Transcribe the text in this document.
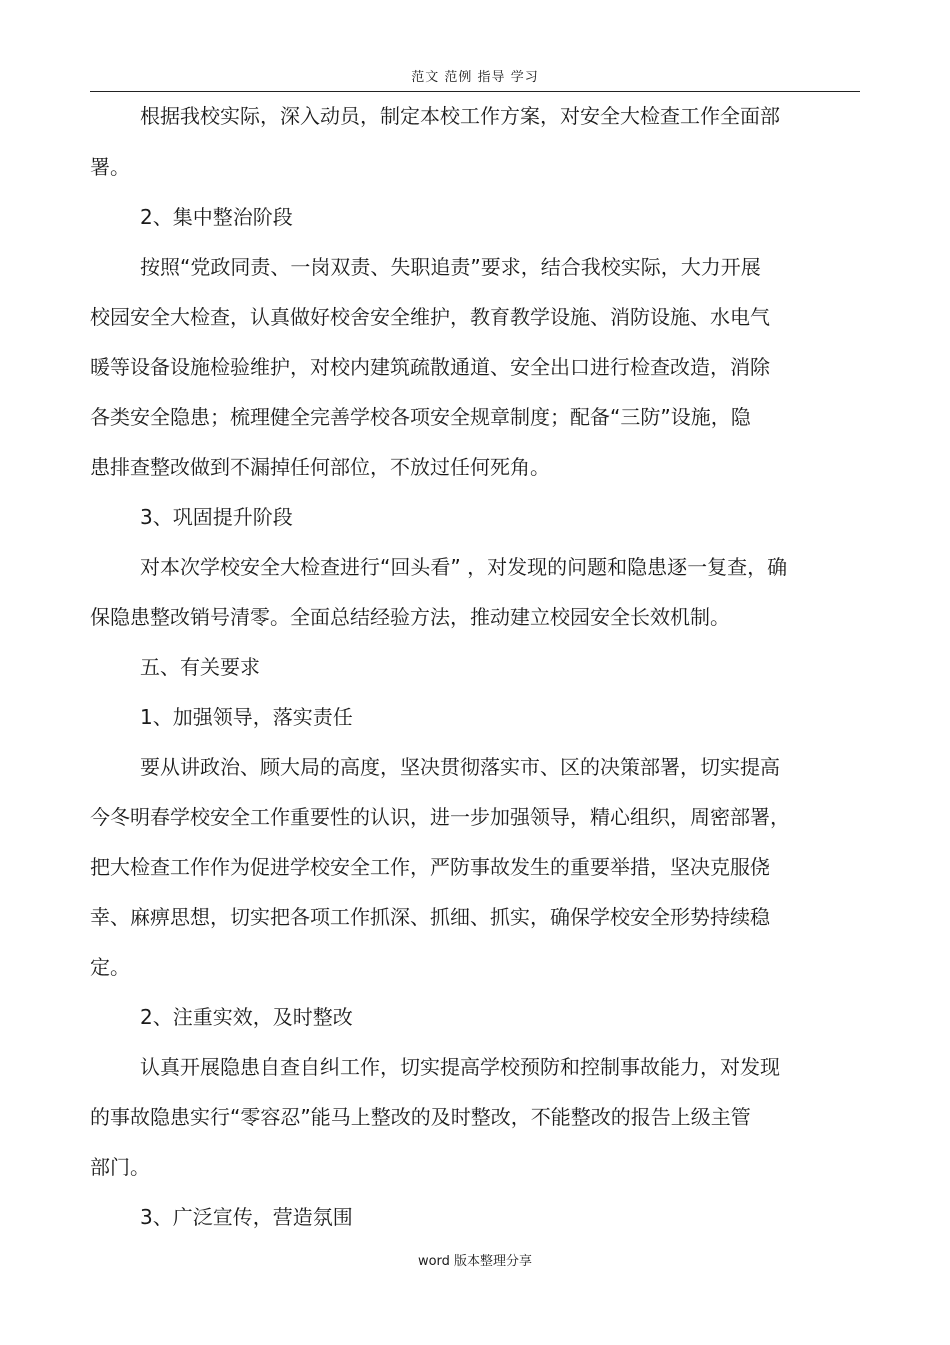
范文 范例 指导 学习
根据我校实际，深入动员，制定本校工作方案，对安全大检查工作全面部
署。
2、集中整治阶段
按照“党政同责、一岗双责、失职追责”要求，结合我校实际，大力开展
校园安全大检查，认真做好校舍安全维护，教育教学设施、消防设施、水电气
暖等设备设施检验维护，对校内建筑疏散通道、安全出口进行检查改造，消除
各类安全隐患；梳理健全完善学校各项安全规章制度；配备“三防”设施，隐
患排查整改做到不漏掉任何部位，不放过任何死角。
3、巩固提升阶段
对本次学校安全大检查进行“回头看” ，对发现的问题和隐患逐一复查，确
保隐患整改销号清零。全面总结经验方法，推动建立校园安全长效机制。
五、有关要求
1、加强领导，落实责任
要从讲政治、顾大局的高度，坚决贯彻落实市、区的决策部署，切实提高
今冬明春学校安全工作重要性的认识，进一步加强领导，精心组织，周密部署，
把大检查工作作为促进学校安全工作，严防事故发生的重要举措，坚决克服侥
幸、麻痹思想，切实把各项工作抓深、抓细、抓实，确保学校安全形势持续稳
定。
2、注重实效，及时整改
认真开展隐患自查自纠工作，切实提高学校预防和控制事故能力，对发现
的事故隐患实行“零容忍”能马上整改的及时整改，不能整改的报告上级主管
部门。
3、广泛宣传，营造氛围
word 版本整理分享
